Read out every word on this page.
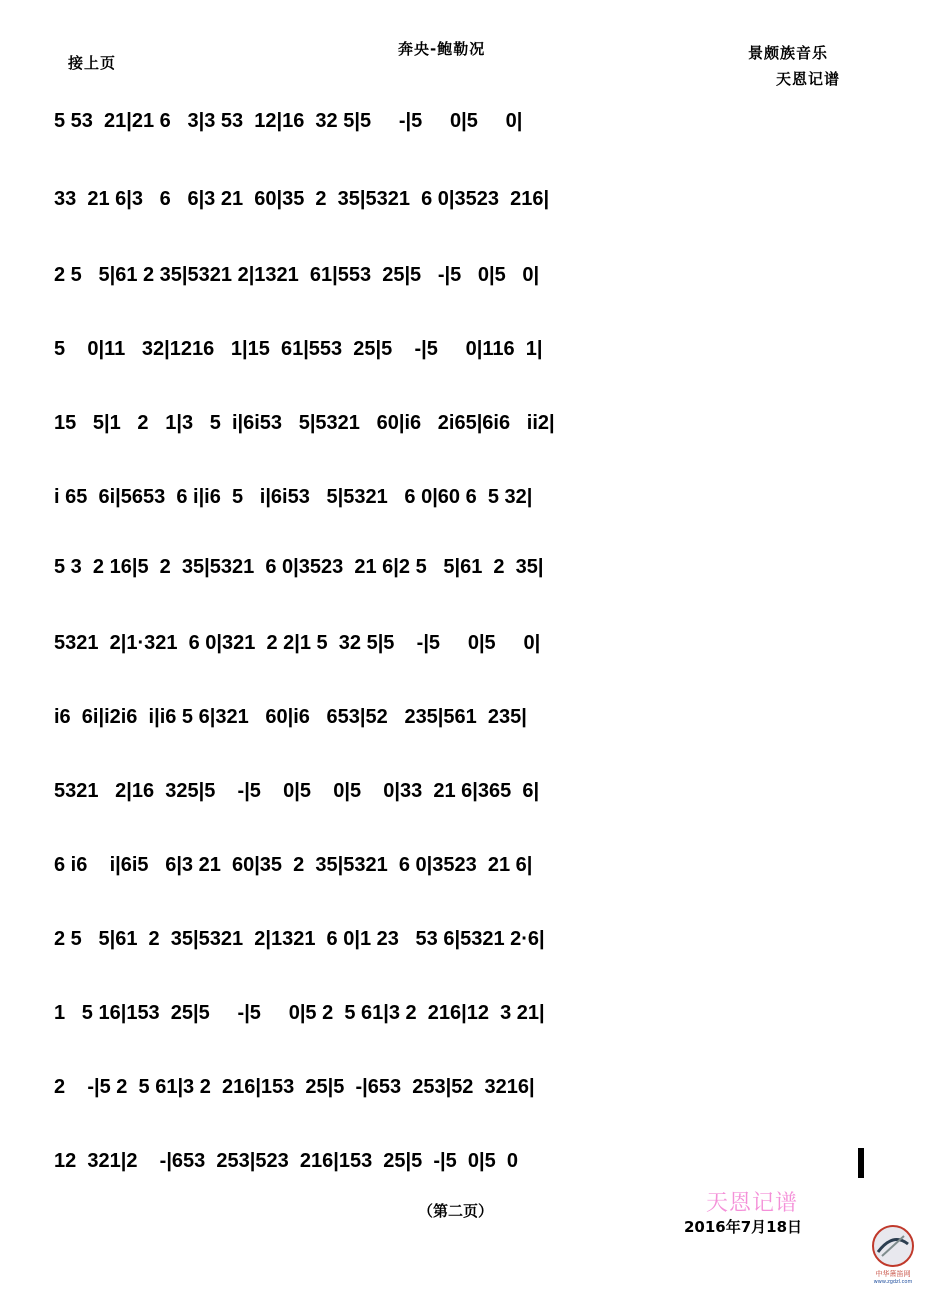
接上页
奔央-鲍勒况	景颇族音乐
天恩记谱
5 53  21|21 6   3|3 53  12|16  32 5|5     -|5     0|5     0|
33  21 6|3   6   6|3 21  60|35  2  35|5321  6 0|3523  216|
2 5   5|61 2 35|5321 2|1321  61|553  25|5   -|5   0|5   0|
5    0|11   32|1216   1|15  61|553  25|5    -|5     0|116  1|
15   5|1   2   1|3   5  i|6i53   5|5321   60|i6   2i65|6i6   ii2|
i 65  6i|5653  6 i|i6  5   i|6i53   5|5321   6 0|60 6  5 32|
5 3  2 16|5  2  35|5321  6 0|3523  21 6|2 5   5|61  2  35|
5321  2|1·321  6 0|321  2 2|1 5  32 5|5    -|5     0|5     0|
i6  6i|i2i6  i|i6 5 6|321   60|i6   653|52   235|561  235|
5321   2|16  325|5    -|5    0|5    0|5    0|33  21 6|365  6|
6 i6    i|6i5   6|3 21  60|35  2  35|5321  6 0|3523  21 6|
2 5   5|61  2  35|5321  2|1321  6 0|1 23   53 6|5321 2·6|
1   5 16|153  25|5     -|5     0|5 2  5 61|3 2  216|12  3 21|
2    -|5 2  5 61|3 2  216|153  25|5  -|653  253|52  3216|
12  321|2    -|653  253|523  216|153  25|5  -|5  0|5  0
（第二页）	天恩记谱
2016年7月18日
中华箫笛网
www.zgdzl.com
